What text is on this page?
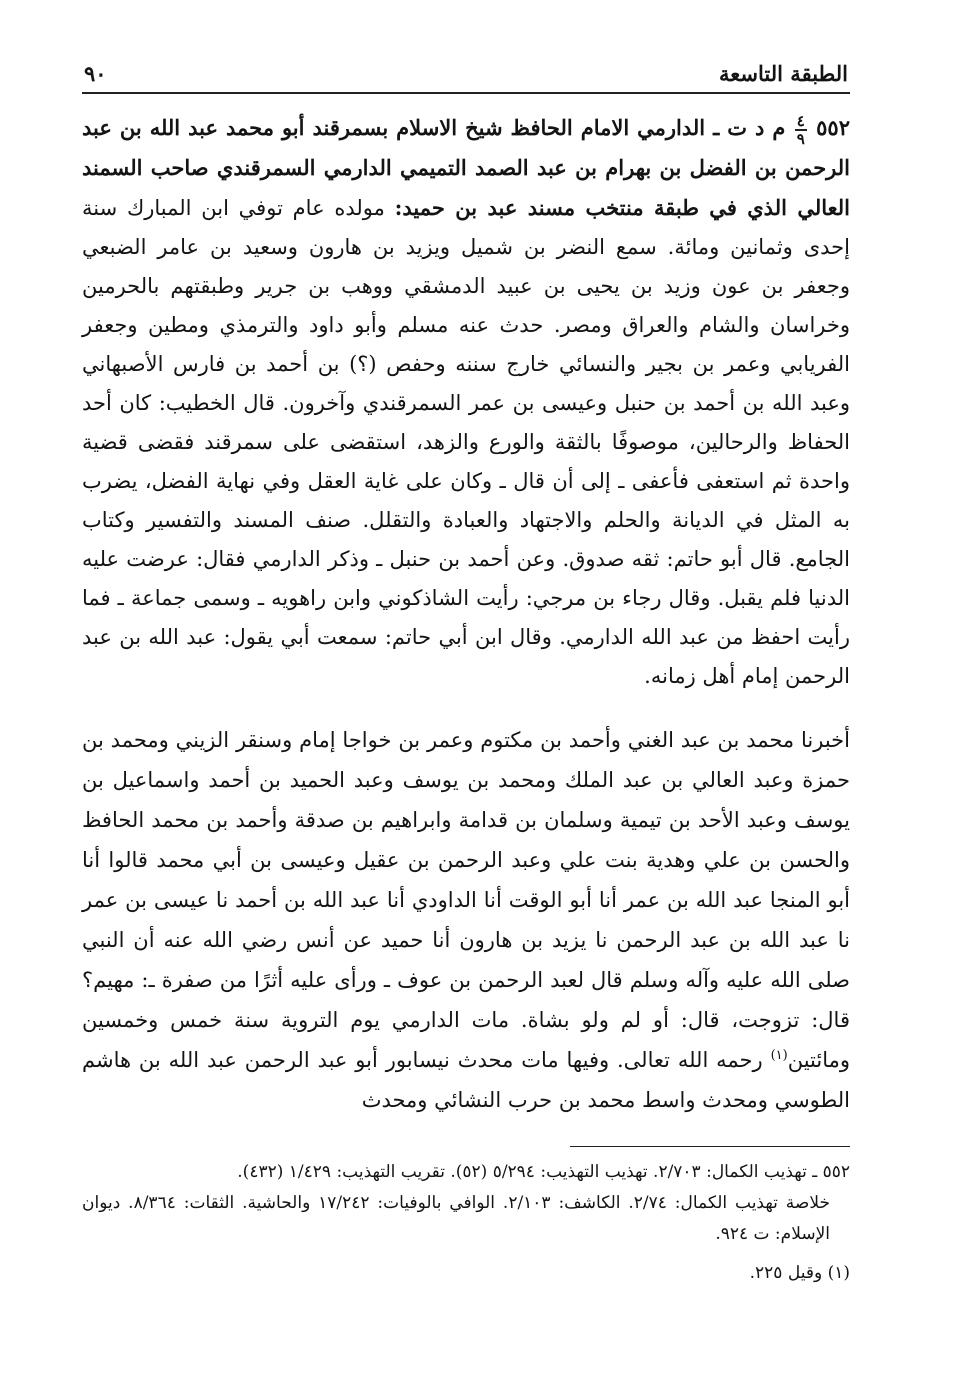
الطبقة التاسعة
٩٠
٥٥٢
$\frac{٤}{٩}$
م د ت ـ الدارمي الامام الحافظ شيخ الاسلام بسمرقند أبو محمد عبد الله بن عبد الرحمن بن الفضل بن بهرام بن عبد الصمد التميمي الدارمي السمرقندي صاحب السمند العالي الذي في طبقة منتخب مسند عبد بن حميد: مولده عام توفي ابن المبارك سنة إحدى وثمانين ومائة. سمع النضر بن شميل ويزيد بن هارون وسعيد بن عامر الضبعي وجعفر بن عون وزيد بن يحيى بن عبيد الدمشقي ووهب بن جرير وطبقتهم بالحرمين وخراسان والشام والعراق ومصر. حدث عنه مسلم وأبو داود والترمذي ومطين وجعفر الفريابي وعمر بن بجير والنسائي خارج سننه وحفص (؟) بن أحمد بن فارس الأصبهاني وعبد الله بن أحمد بن حنبل وعيسى بن عمر السمرقندي وآخرون. قال الخطيب: كان أحد الحفاظ والرحالين، موصوفًا بالثقة والورع والزهد، استقضى على سمرقند فقضى قضية واحدة ثم استعفى فأعفى ـ إلى أن قال ـ وكان على غاية العقل وفي نهاية الفضل، يضرب به المثل في الديانة والحلم والاجتهاد والعبادة والتقلل. صنف المسند والتفسير وكتاب الجامع. قال أبو حاتم: ثقه صدوق. وعن أحمد بن حنبل ـ وذكر الدارمي فقال: عرضت عليه الدنيا فلم يقبل. وقال رجاء بن مرجي: رأيت الشاذكوني وابن راهويه ـ وسمى جماعة ـ فما رأيت احفظ من عبد الله الدارمي. وقال ابن أبي حاتم: سمعت أبي يقول: عبد الله بن عبد الرحمن إمام أهل زمانه.
أخبرنا محمد بن عبد الغني وأحمد بن مكتوم وعمر بن خواجا إمام وسنقر الزيني ومحمد بن حمزة وعبد العالي بن عبد الملك ومحمد بن يوسف وعبد الحميد بن أحمد واسماعيل بن يوسف وعبد الأحد بن تيمية وسلمان بن قدامة وابراهيم بن صدقة وأحمد بن محمد الحافظ والحسن بن علي وهدية بنت علي وعبد الرحمن بن عقيل وعيسى بن أبي محمد قالوا أنا أبو المنجا عبد الله بن عمر أنا أبو الوقت أنا الداودي أنا عبد الله بن أحمد نا عيسى بن عمر نا عبد الله بن عبد الرحمن نا يزيد بن هارون أنا حميد عن أنس رضي الله عنه أن النبي صلى الله عليه وآله وسلم قال لعبد الرحمن بن عوف ـ ورأى عليه أثرًا من صفرة ـ: مهيم؟ قال: تزوجت، قال: أو لم ولو بشاة. مات الدارمي يوم التروية سنة خمس وخمسين ومائتين$^{(١)}$ رحمه الله تعالى. وفيها مات محدث نيسابور أبو عبد الرحمن عبد الله بن هاشم الطوسي ومحدث واسط محمد بن حرب النشائي ومحدث

٥٥٢ ـ تهذيب الكمال: ٢/٧٠٣. تهذيب التهذيب: ٥/٢٩٤ (٥٢). تقريب التهذيب: ١/٤٢٩ (٤٣٢).

خلاصة تهذيب الكمال: ٢/٧٤. الكاشف: ٢/١٠٣. الوافي بالوفيات: ١٧/٢٤٢ والحاشية. الثقات: ٨/٣٦٤. ديوان الإسلام: ت ٩٢٤.

(١) وقيل ٢٢٥.
